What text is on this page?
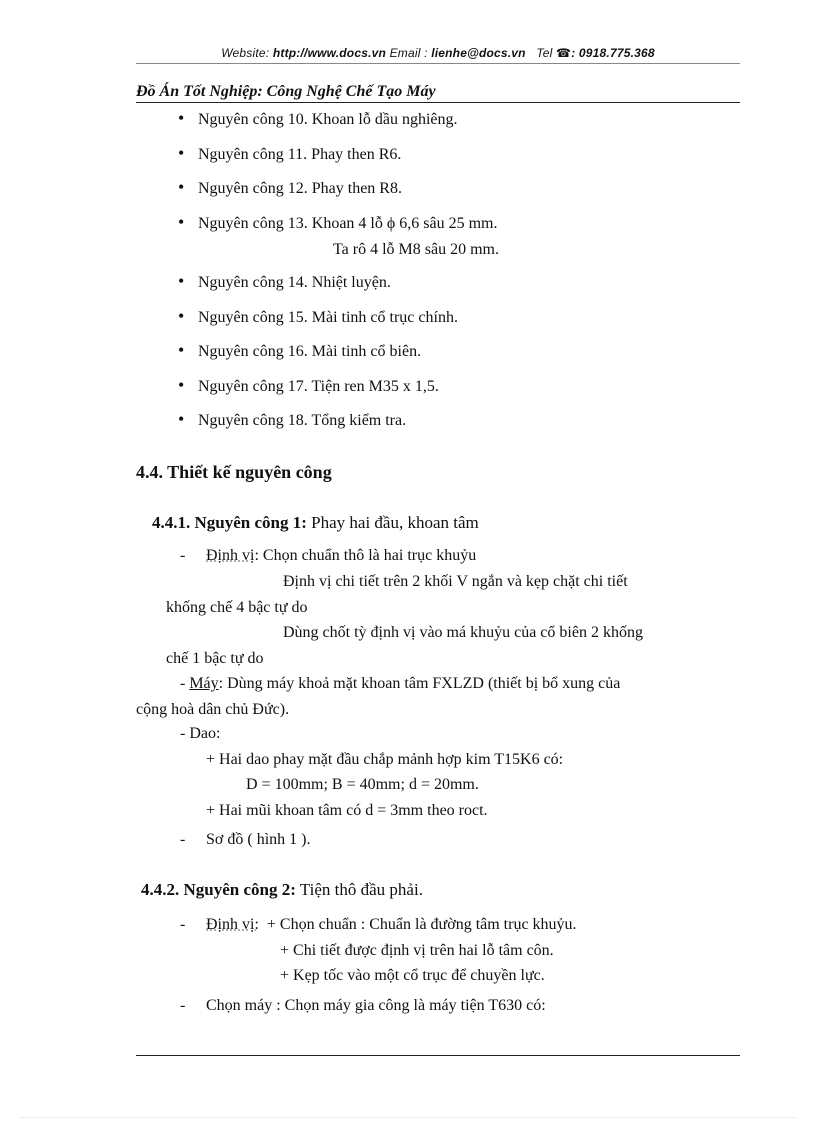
Website: http://www.docs.vn Email : lienhe@docs.vn Tel ☎: 0918.775.368
Đồ Án Tốt Nghiệp: Công Nghệ Chế Tạo Máy
• Nguyên công 10. Khoan lỗ dầu nghiêng.
• Nguyên công 11. Phay then R6.
• Nguyên công 12. Phay then R8.
• Nguyên công 13. Khoan 4 lỗ ϕ 6,6 sâu 25 mm.
Ta rô 4 lỗ M8 sâu 20 mm.
• Nguyên công 14. Nhiệt luyện.
• Nguyên công 15. Mài tinh cổ trục chính.
• Nguyên công 16. Mài tinh cổ biên.
• Nguyên công 17. Tiện ren M35 x 1,5.
• Nguyên công 18. Tổng kiểm tra.
4.4. Thiết kế nguyên công
4.4.1. Nguyên công 1: Phay hai đầu, khoan tâm
- Định vị: Chọn chuẩn thô là hai trục khuỷu
Định vị chi tiết trên 2 khối V ngắn và kẹp chặt chi tiết
khống chế 4 bậc tự do
Dùng chốt tỳ định vị vào má khuỷu của cổ biên 2 khống
chế 1 bậc tự do
- Máy: Dùng máy khoả mặt khoan tâm FXLZD (thiết bị bổ xung của
cộng hoà dân chủ Đức).
- Dao:
+ Hai dao phay mặt đầu chắp mảnh hợp kim T15K6 có:
D = 100mm; B = 40mm; d = 20mm.
+ Hai mũi khoan tâm có d = 3mm theo roct.
- Sơ đồ ( hình 1 ).
4.4.2. Nguyên công 2: Tiện thô đầu phải.
- Định vị: + Chọn chuẩn : Chuẩn là đường tâm trục khuỷu.
+ Chi tiết được định vị trên hai lỗ tâm côn.
+ Kẹp tốc vào một cổ trục để chuyền lực.
- Chọn máy : Chọn máy gia công là máy tiện T630 có:
